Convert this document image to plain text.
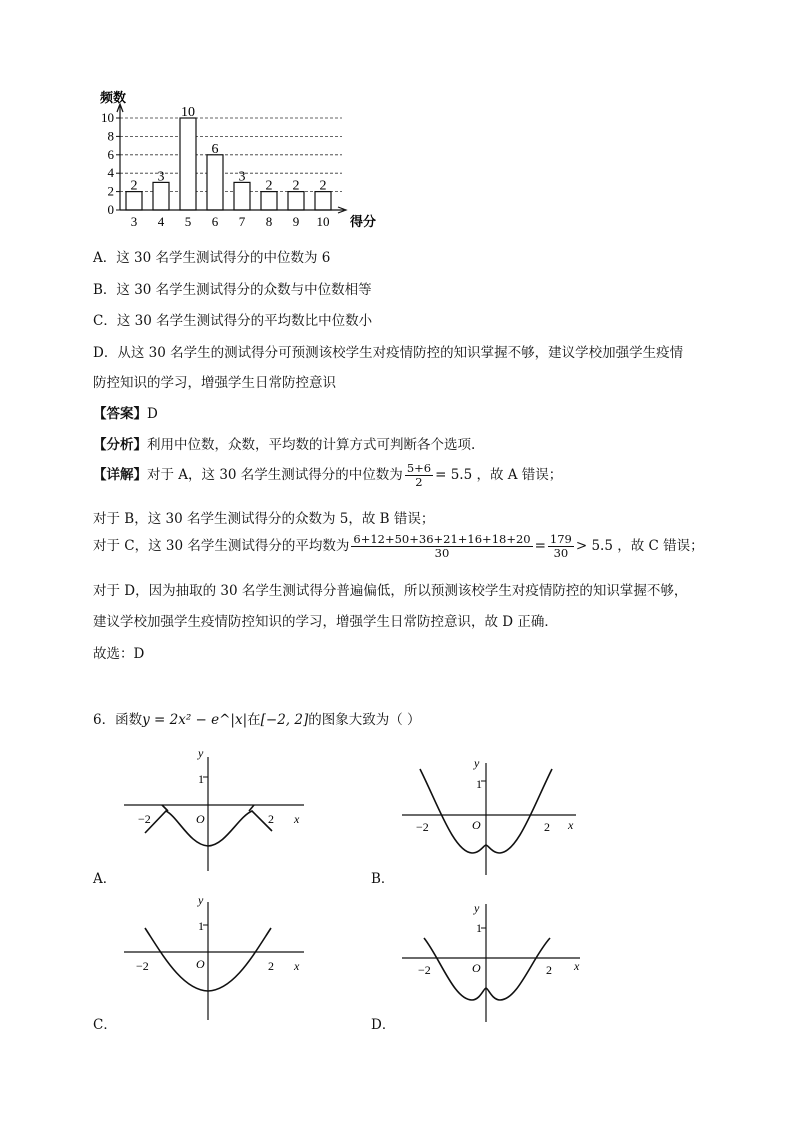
2
3
10
6
3
2 2 2
0
2
4
6
8
10
3 4 5 6 7 8 9 10
频数
得分
A．这 30 名学生测试得分的中位数为 6
B．这 30 名学生测试得分的众数与中位数相等
C．这 30 名学生测试得分的平均数比中位数小
D．从这 30 名学生的测试得分可预测该校学生对疫情防控的知识掌握不够，建议学校加强学生疫情
防控知识的学习，增强学生日常防控意识
【答案】D
【分析】利用中位数，众数，平均数的计算方式可判断各个选项.
【详解】对于 A，这 30 名学生测试得分的中位数为 $\frac{5+6}{2} = 5.5$ ，故 A 错误；
对于 B，这 30 名学生测试得分的众数为 5，故 B 错误；
对于 C，这 30 名学生测试得分的平均数为 $\frac{6+12+50+36+21+16+18+20}{30} = \frac{179}{30} > 5.5$ ，故 C 错误；
对于 D，因为抽取的 30 名学生测试得分普遍偏低，所以预测该校学生对疫情防控的知识掌握不够，
建议学校加强学生疫情防控知识的学习，增强学生日常防控意识，故 D 正确．
故选：D
6．函数y = 2x² − e^|x|在[−2, 2]的图象大致为（ ）
y
1
O
−2	2 x
A．
y
1
O
−2	2 x
B．
y
1
O
−2	2 x
C．
y
1
O
−2	2 x
D．
